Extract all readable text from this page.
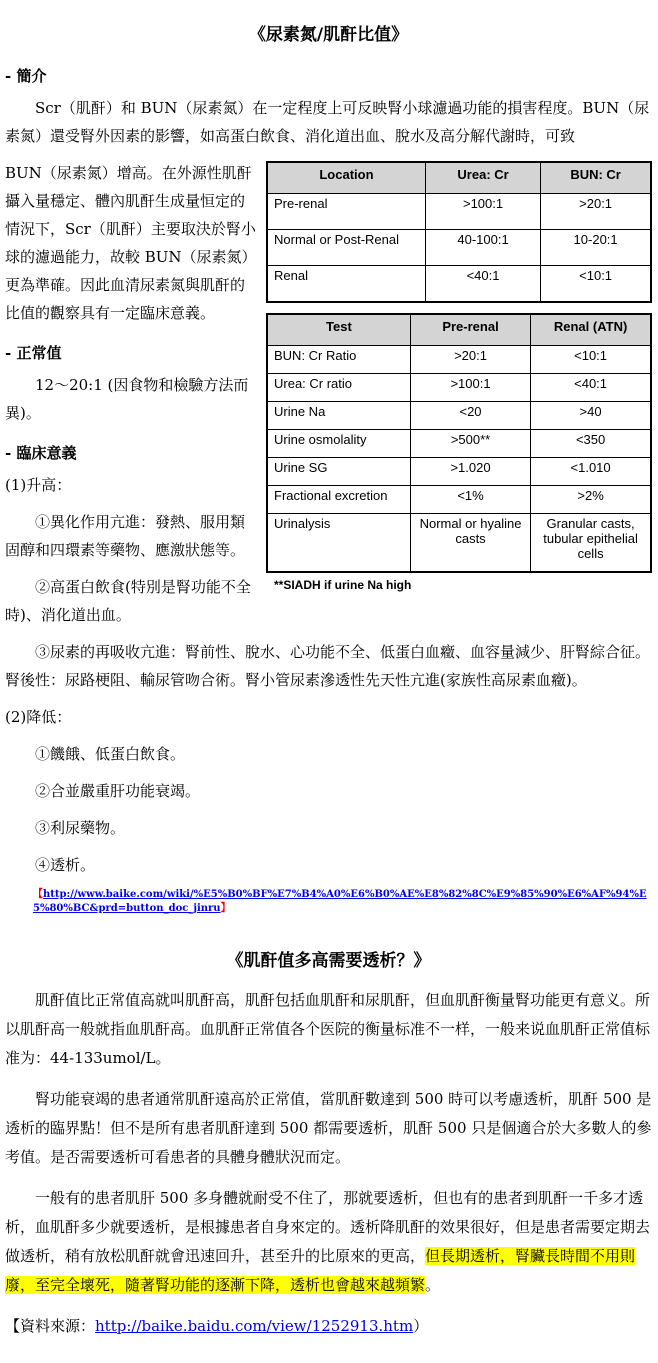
《尿素氮/肌酐比值》
- 簡介

Scr（肌酐）和 BUN（尿素氮）在一定程度上可反映腎小球濾過功能的損害程度。BUN（尿素氮）還受腎外因素的影響，如高蛋白飲食、消化道出血、脫水及高分解代謝時，可致

Location	Urea: Cr	BUN: Cr
Pre-renal	>100:1	>20:1
Normal or Post-Renal	40-100:1	10-20:1
Renal	<40:1	<10:1
Test	Pre-renal	Renal (ATN)
BUN: Cr Ratio	>20:1	<10:1
Urea: Cr ratio	>100:1	<40:1
Urine Na	<20	>40
Urine osmolality	>500**	<350
Urine SG	>1.020	<1.010
Fractional excretion	<1%	>2%
Urinalysis	Normal or hyaline casts	Granular casts, tubular epithelial cells
**SIADH if urine Na high

BUN（尿素氮）增高。在外源性肌酐攝入量穩定、體內肌酐生成量恒定的情況下，Scr（肌酐）主要取決於腎小球的濾過能力，故較 BUN（尿素氮）更為準確。因此血清尿素氮與肌酐的比值的觀察具有一定臨床意義。

- 正常值

12～20:1 (因食物和檢驗方法而異)。

- 臨床意義

(1)升高：

①異化作用亢進：發熱、服用類固醇和四環素等藥物、應激狀態等。

②高蛋白飲食(特別是腎功能不全時)、消化道出血。

③尿素的再吸收亢進：腎前性、脫水、心功能不全、低蛋白血癥、血容量減少、肝腎綜合征。腎後性：尿路梗阻、輸尿管吻合術。腎小管尿素滲透性先天性亢進(家族性高尿素血癥)。

(2)降低：

①饑餓、低蛋白飲食。

②合並嚴重肝功能衰竭。

③利尿藥物。

④透析。

【http://www.baike.com/wiki/%E5%B0%BF%E7%B4%A0%E6%B0%AE%E8%82%8C%E9%85%90%E6%AF%94%E5%80%BC&prd=button_doc_jinru】
《肌酐值多高需要透析？》

肌酐值比正常值高就叫肌酐高，肌酐包括血肌酐和尿肌酐，但血肌酐衡量腎功能更有意义。所以肌酐高一般就指血肌酐高。血肌酐正常值各个医院的衡量标准不一样，一般来说血肌酐正常值标准为：44-133umol/L。

腎功能衰竭的患者通常肌酐遠高於正常值，當肌酐數達到 500 時可以考慮透析，肌酐 500 是透析的臨界點！但不是所有患者肌酐達到 500 都需要透析，肌酐 500 只是個適合於大多數人的參考值。是否需要透析可看患者的具體身體狀況而定。

一般有的患者肌肝 500 多身體就耐受不住了，那就要透析，但也有的患者到肌酐一千多才透析，血肌酐多少就要透析，是根據患者自身來定的。透析降肌酐的效果很好，但是患者需要定期去做透析，稍有放松肌酐就會迅速回升，甚至升的比原來的更高，但長期透析，腎臟長時間不用則廢，至完全壞死，隨著腎功能的逐漸下降，透析也會越來越頻繁。

【資料來源：http://baike.baidu.com/view/1252913.htm）
